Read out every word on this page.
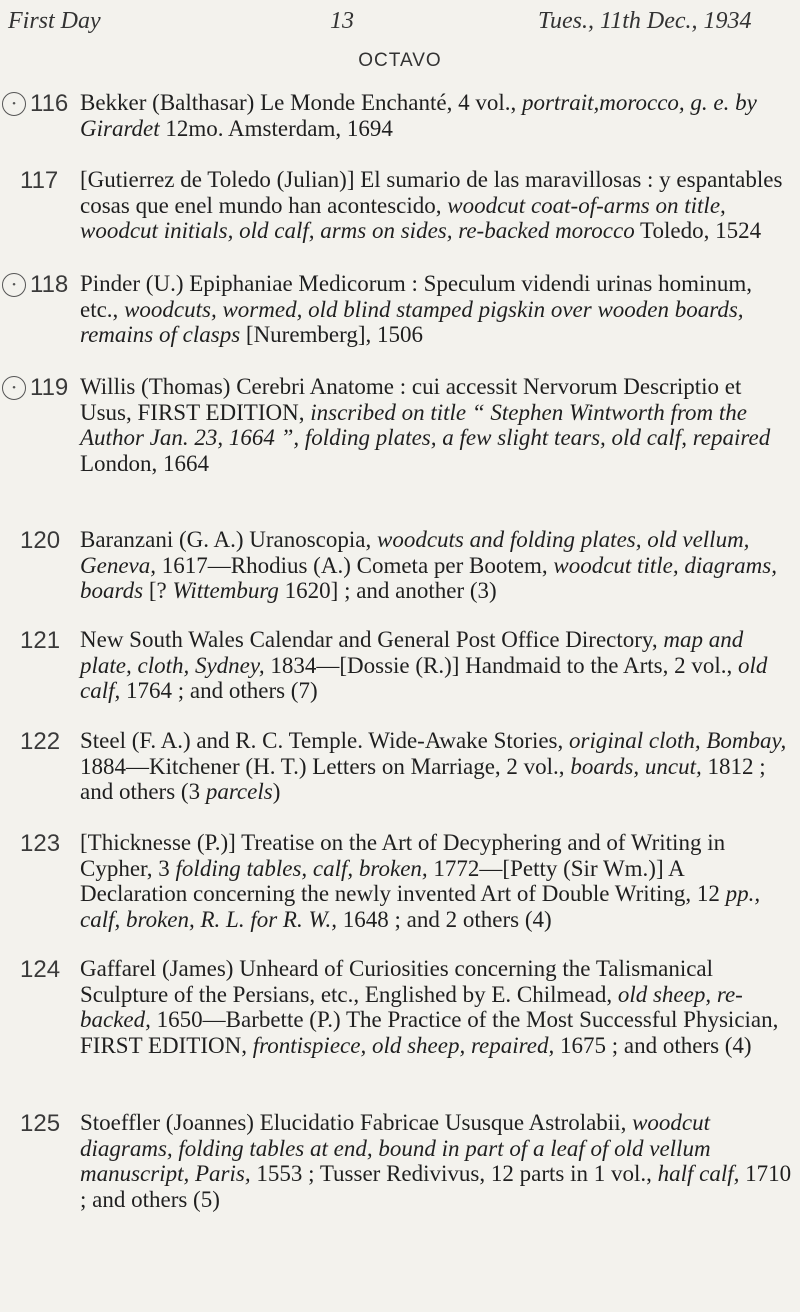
First Day	13	Tues., 11th Dec., 1934
OCTAVO
• 116 Bekker (Balthasar) Le Monde Enchanté, 4 vol., portrait,morocco, g. e. by Girardet 12mo. Amsterdam, 1694
117 [Gutierrez de Toledo (Julian)] El sumario de las maravillosas : y espantables cosas que enel mundo han acontescido, woodcut coat-of-arms on title, woodcut initials, old calf, arms on sides, re-backed morocco Toledo, 1524
• 118 Pinder (U.) Epiphaniae Medicorum : Speculum videndi urinas hominum, etc., woodcuts, wormed, old blind stamped pigskin over wooden boards, remains of clasps [Nuremberg], 1506
• 119 Willis (Thomas) Cerebri Anatome : cui accessit Nervorum Descriptio et Usus, FIRST EDITION, inscribed on title “ Stephen Wintworth from the Author Jan. 23, 1664 ”, folding plates, a few slight tears, old calf, repaired London, 1664
120 Baranzani (G. A.) Uranoscopia, woodcuts and folding plates, old vellum, Geneva, 1617—Rhodius (A.) Cometa per Bootem, woodcut title, diagrams, boards [? Wittemburg 1620] ; and another (3)
121 New South Wales Calendar and General Post Office Directory, map and plate, cloth, Sydney, 1834—[Dossie (R.)] Handmaid to the Arts, 2 vol., old calf, 1764 ; and others (7)
122 Steel (F. A.) and R. C. Temple. Wide-Awake Stories, original cloth, Bombay, 1884—Kitchener (H. T.) Letters on Marriage, 2 vol., boards, uncut, 1812 ; and others (3 parcels)
123 [Thicknesse (P.)] Treatise on the Art of Decyphering and of Writing in Cypher, 3 folding tables, calf, broken, 1772—[Petty (Sir Wm.)] A Declaration concerning the newly invented Art of Double Writing, 12 pp., calf, broken, R. L. for R. W., 1648 ; and 2 others (4)
124 Gaffarel (James) Unheard of Curiosities concerning the Talismanical Sculpture of the Persians, etc., Englished by E. Chilmead, old sheep, re-backed, 1650—Barbette (P.) The Practice of the Most Successful Physician, FIRST EDITION, frontispiece, old sheep, repaired, 1675 ; and others (4)
125 Stoeffler (Joannes) Elucidatio Fabricae Ususque Astrolabii, woodcut diagrams, folding tables at end, bound in part of a leaf of old vellum manuscript, Paris, 1553 ; Tusser Redivivus, 12 parts in 1 vol., half calf, 1710 ; and others (5)
